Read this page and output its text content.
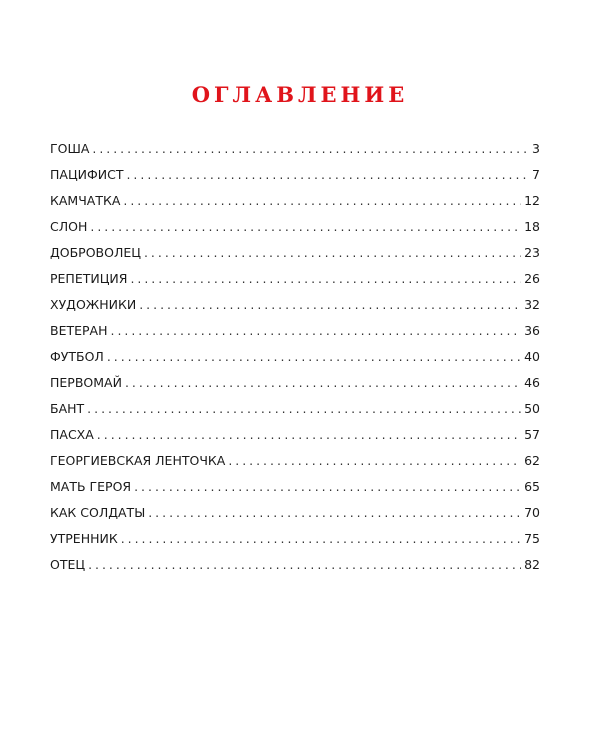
ОГЛАВЛЕНИЕ
ГОША . . .	3
ПАЦИФИСТ . . .	7
КАМЧАТКА . . .	12
СЛОН . . .	18
ДОБРОВОЛЕЦ . . .	23
РЕПЕТИЦИЯ . . .	26
ХУДОЖНИКИ . . .	32
ВЕТЕРАН . . .	36
ФУТБОЛ . . .	40
ПЕРВОМАЙ . . .	46
БАНТ . . .	50
ПАСХА . . .	57
ГЕОРГИЕВСКАЯ ЛЕНТОЧКА . . .	62
МАТЬ ГЕРОЯ . . .	65
КАК СОЛДАТЫ . . .	70
УТРЕННИК . . .	75
ОТЕЦ . . .	82
